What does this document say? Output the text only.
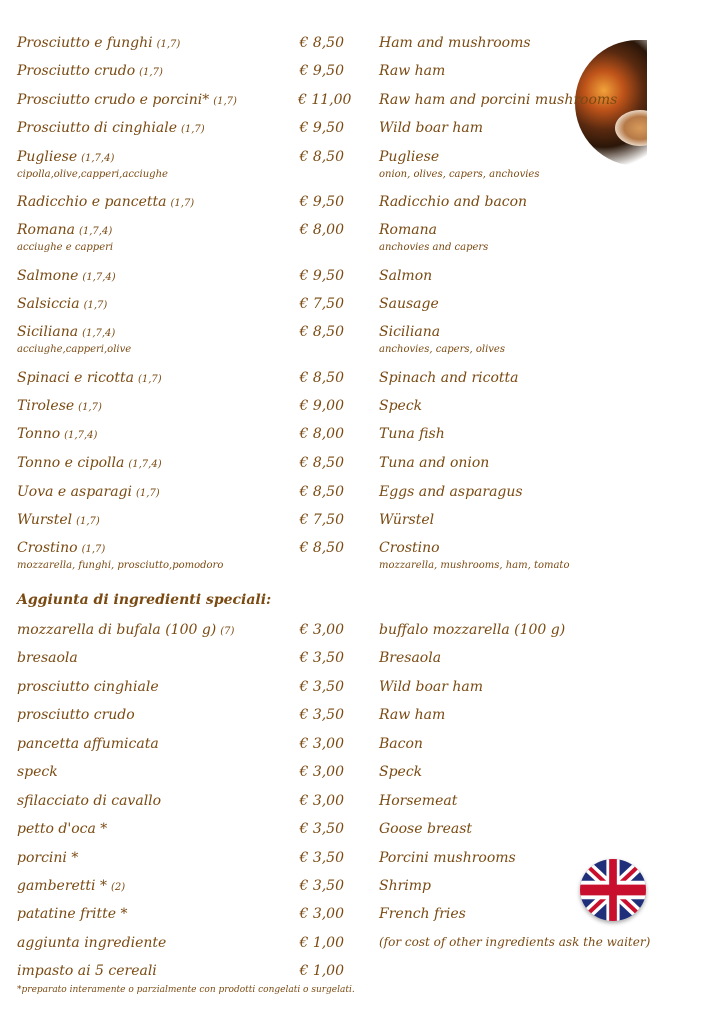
Prosciutto e funghi (1,7)	€ 8,50	Ham and mushrooms
Prosciutto crudo (1,7)	€ 9,50	Raw ham
Prosciutto crudo e porcini* (1,7)	€ 11,00 Raw ham and porcini mushrooms
Prosciutto di cinghiale (1,7)	€ 9,50	Wild boar ham
Pugliese (1,7,4)	€ 8,50	Pugliese
cipolla,olive,capperi,acciughe	onion, olives, capers, anchovies
Radicchio e pancetta (1,7)	€ 9,50	Radicchio and bacon
Romana (1,7,4)	€ 8,00	Romana
acciughe e capperi	anchovies and capers
Salmone (1,7,4)	€ 9,50	Salmon
Salsiccia (1,7)	€ 7,50	Sausage
Siciliana (1,7,4)	€ 8,50	Siciliana
acciughe,capperi,olive	anchovies, capers, olives
Spinaci e ricotta (1,7)	€ 8,50	Spinach and ricotta
Tirolese (1,7)	€ 9,00	Speck
Tonno (1,7,4)	€ 8,00	Tuna fish
Tonno e cipolla (1,7,4)	€ 8,50	Tuna and onion
Uova e asparagi (1,7)	€ 8,50	Eggs and asparagus
Wurstel (1,7)	€ 7,50	Würstel
Crostino (1,7)	€ 8,50	Crostino
mozzarella, funghi, prosciutto,pomodoro	mozzarella, mushrooms, ham, tomato
Aggiunta di ingredienti speciali:
mozzarella di bufala (100 g) (7)	€ 3,00	buffalo mozzarella (100 g)
bresaola	€ 3,50	Bresaola
prosciutto cinghiale	€ 3,50	Wild boar ham
prosciutto crudo	€ 3,50	Raw ham
pancetta affumicata	€ 3,00	Bacon
speck	€ 3,00	Speck
sfilacciato di cavallo	€ 3,00	Horsemeat
petto d'oca *	€ 3,50	Goose breast
porcini *	€ 3,50	Porcini mushrooms
gamberetti * (2)	€ 3,50	Shrimp
patatine fritte *	€ 3,00	French fries
aggiunta ingrediente	€ 1,00	(for cost of other ingredients ask the waiter)
impasto ai 5 cereali	€ 1,00
*preparato interamente o parzialmente con prodotti congelati o surgelati.
